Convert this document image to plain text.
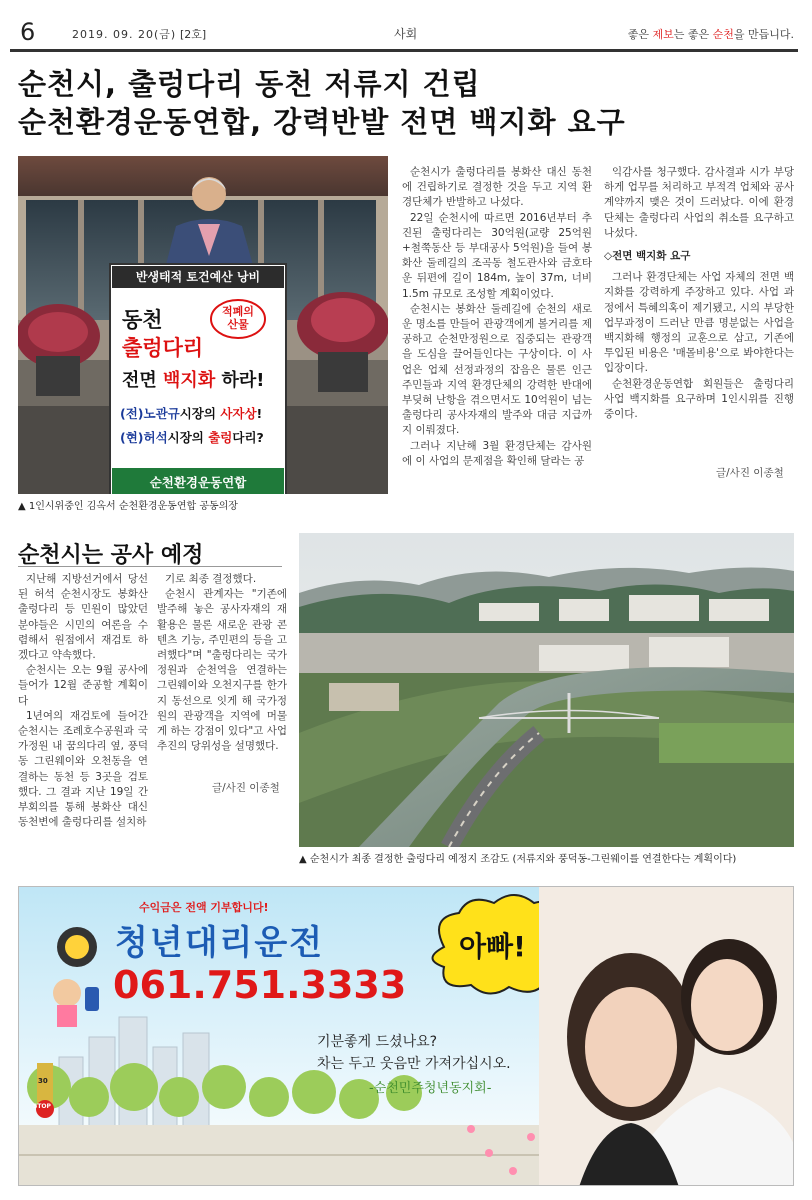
6	2019. 09. 20(금) [2호]	사회	좋은 제보는 좋은 순천을 만듭니다.
순천시, 출렁다리 동천 저류지 건립
순천환경운동연합, 강력반발 전면 백지화 요구
반생태적 토건예산 낭비
적폐의
산물
동천
출렁다리
전면 백지화 하라!
(전)노관규시장의 사자상!
(현)허석시장의 출렁다리?
순천환경운동연합
▲ 1인시위중인 김옥서 순천환경운동연합 공동의장

순천시가 출렁다리를 봉화산 대신 동천에 건립하기로 결정한 것을 두고 지역 환경단체가 반발하고 나섰다.

22일 순천시에 따르면 2016년부터 추진된 출렁다리는 30억원(교량 25억원+철쭉동산 등 부대공사 5억원)을 들여 봉화산 둘레길의 조곡동 철도관사와 금호타운 뒤편에 길이 184m, 높이 37m, 너비 1.5m 규모로 조성할 계획이었다.

순천시는 봉화산 둘레길에 순천의 새로운 명소를 만들어 관광객에게 볼거리를 제공하고 순천만정원으로 집중되는 관광객을 도심을 끌어들인다는 구상이다. 이 사업은 업체 선정과정의 잡음은 물론 인근 주민들과 지역 환경단체의 강력한 반대에 부딪혀 난항을 겪으면서도 10억원이 넘는 출렁다리 공사자재의 발주와 대금 지급까지 이뤄졌다.

그러나 지난해 3월 환경단체는 감사원에 이 사업의 문제점을 확인해 달라는 공

익감사를 청구했다. 감사결과 시가 부당하게 업무를 처리하고 부적격 업체와 공사계약까지 맺은 것이 드러났다. 이에 환경단체는 출렁다리 사업의 취소를 요구하고 나섰다.

◇전면 백지화 요구

그러나 환경단체는 사업 자체의 전면 백지화를 강력하게 주장하고 있다. 사업 과정에서 특혜의혹이 제기됐고, 시의 부당한 업무과정이 드러난 만큼 명분없는 사업을 백지화해 행정의 교훈으로 삼고, 기존에 투입된 비용은 '매몰비용'으로 봐야한다는 입장이다.

순천환경운동연합 회원들은 출렁다리 사업 백지화를 요구하며 1인시위를 진행중이다.

글/사진 이종철
순천시는 공사 예정

지난해 지방선거에서 당선된 허석 순천시장도 봉화산 출렁다리 등 민원이 많았던 분야들은 시민의 여론을 수렴해서 원점에서 재검토 하겠다고 약속했다.

순천시는 오는 9월 공사에 들어가 12월 준공할 계획이다

1년여의 재검토에 들어간 순천시는 조례호수공원과 국가정원 내 꿈의다리 옆, 풍덕동 그린웨이와 오천동을 연결하는 동천 등 3곳을 검토했다. 그 결과 지난 19일 간부회의를 통해 봉화산 대신 동천변에 출렁다리를 설치하

기로 최종 결정했다.

순천시 관계자는 "기존에 발주해 놓은 공사자재의 재활용은 물론 새로운 관광 콘텐츠 기능, 주민편의 등을 고려했다"며 "출렁다리는 국가정원과 순천역을 연결하는 그린웨이와 오천지구를 한가지 동선으로 잇게 해 국가정원의 관광객을 지역에 머물게 하는 강점이 있다"고 사업추진의 당위성을 설명했다.

글/사진 이종철
▲ 순천시가 최종 결정한 출렁다리 예정지 조감도 (저류지와 풍덕동-그린웨이를 연결한다는 계획이다)
수익금은 전액 기부합니다!
청년대리운전
061.751.3333
아빠!
기분좋게 드셨나요?
차는 두고 웃음만 가져가십시오.
-순천민주청년동지회-
STOP
30
